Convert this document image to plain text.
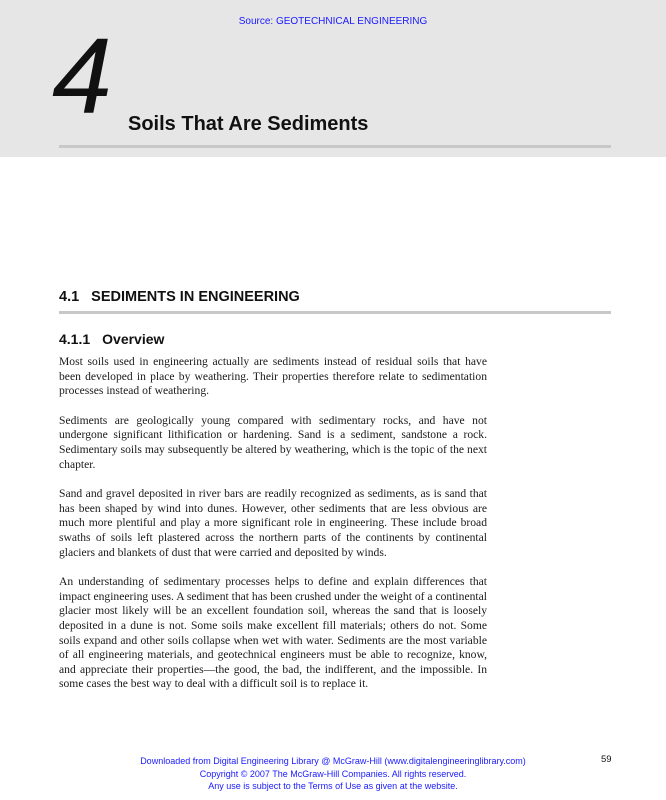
Source: GEOTECHNICAL ENGINEERING
4 Soils That Are Sediments
4.1 SEDIMENTS IN ENGINEERING
4.1.1 Overview

Most soils used in engineering actually are sediments instead of residual soils that have been developed in place by weathering. Their properties therefore relate to sedimentation processes instead of weathering.

Sediments are geologically young compared with sedimentary rocks, and have not undergone significant lithification or hardening. Sand is a sediment, sandstone a rock. Sedimentary soils may subsequently be altered by weathering, which is the topic of the next chapter.

Sand and gravel deposited in river bars are readily recognized as sediments, as is sand that has been shaped by wind into dunes. However, other sediments that are less obvious are much more plentiful and play a more significant role in engineering. These include broad swaths of soils left plastered across the northern parts of the continents by continental glaciers and blankets of dust that were carried and deposited by winds.

An understanding of sedimentary processes helps to define and explain differences that impact engineering uses. A sediment that has been crushed under the weight of a continental glacier most likely will be an excellent foundation soil, whereas the sand that is loosely deposited in a dune is not. Some soils make excellent fill materials; others do not. Some soils expand and other soils collapse when wet with water. Sediments are the most variable of all engineering materials, and geotechnical engineers must be able to recognize, know, and appreciate their properties—the good, the bad, the indifferent, and the impossible. In some cases the best way to deal with a difficult soil is to replace it.

Downloaded from Digital Engineering Library @ McGraw-Hill (www.digitalengineeringlibrary.com)
Copyright © 2007 The McGraw-Hill Companies. All rights reserved.
Any use is subject to the Terms of Use as given at the website.
59
